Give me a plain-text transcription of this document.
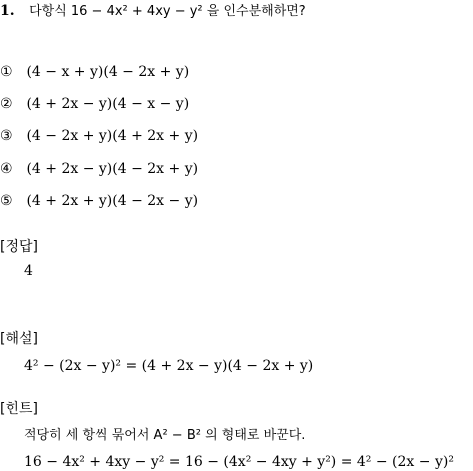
1. 다항식 16 − 4x² + 4xy − y² 을 인수분해하면?
① (4 − x + y)(4 − 2x + y)
② (4 + 2x − y)(4 − x − y)
③ (4 − 2x + y)(4 + 2x + y)
④ (4 + 2x − y)(4 − 2x + y)
⑤ (4 + 2x + y)(4 − 2x − y)
[정답]
4
[해설]
4² − (2x − y)² = (4 + 2x − y)(4 − 2x + y)
[힌트]
적당히 세 항씩 묶어서 A² − B² 의 형태로 바꾼다.
16 − 4x² + 4xy − y² = 16 − (4x² − 4xy + y²) = 4² − (2x − y)²
